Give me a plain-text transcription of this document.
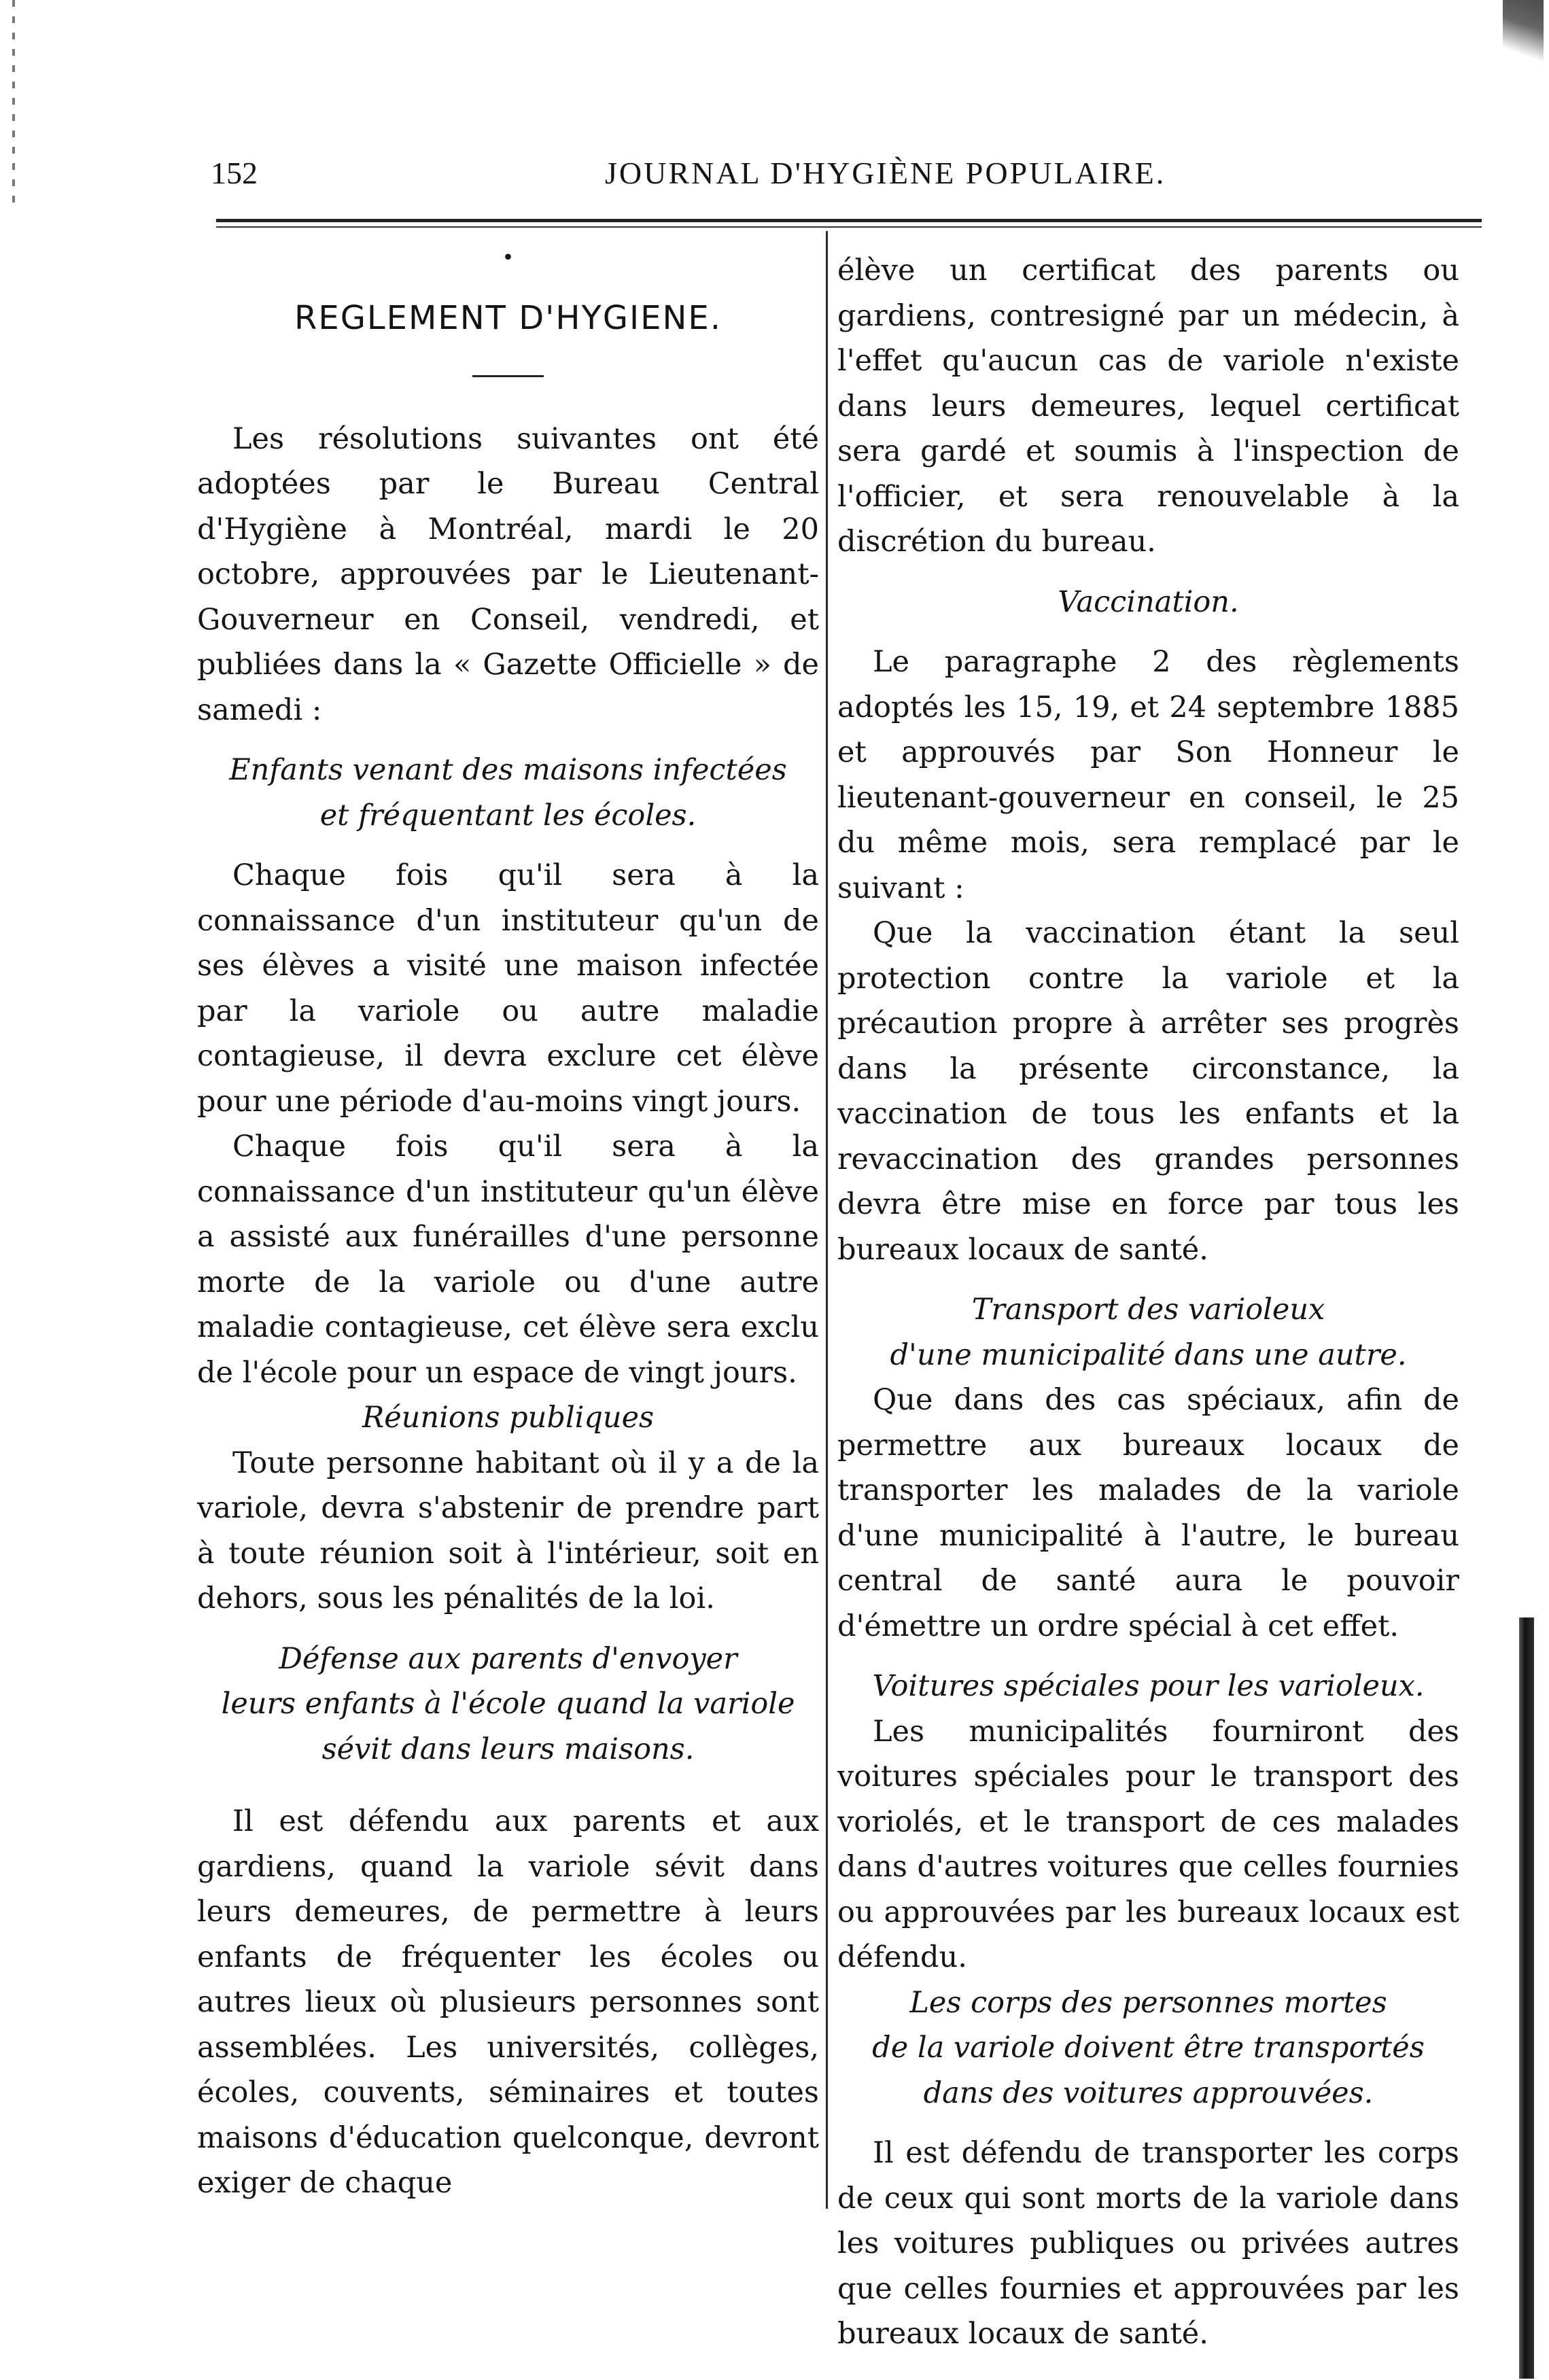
152	JOURNAL D'HYGIÈNE POPULAIRE.
•
REGLEMENT D'HYGIENE.

Les résolutions suivantes ont été adoptées par le Bureau Central d'Hygiène à Montréal, mardi le 20 octobre, approuvées par le Lieutenant-Gouverneur en Conseil, vendredi, et publiées dans la « Gazette Officielle » de samedi :

Enfants venant des maisons infectées
et fréquentant les écoles.

Chaque fois qu'il sera à la connaissance d'un instituteur qu'un de ses élèves a visité une maison infectée par la variole ou autre maladie contagieuse, il devra exclure cet élève pour une période d'au-moins vingt jours.

Chaque fois qu'il sera à la connaissance d'un instituteur qu'un élève a assisté aux funérailles d'une personne morte de la variole ou d'une autre maladie contagieuse, cet élève sera exclu de l'école pour un espace de vingt jours.

Réunions publiques

Toute personne habitant où il y a de la variole, devra s'abstenir de prendre part à toute réunion soit à l'intérieur, soit en dehors, sous les pénalités de la loi.

Défense aux parents d'envoyer
leurs enfants à l'école quand la variole
sévit dans leurs maisons.

Il est défendu aux parents et aux gardiens, quand la variole sévit dans leurs demeures, de permettre à leurs enfants de fréquenter les écoles ou autres lieux où plusieurs personnes sont assemblées. Les universités, collèges, écoles, couvents, séminaires et toutes maisons d'éducation quelconque, devront exiger de chaque

élève un certificat des parents ou gardiens, contresigné par un médecin, à l'effet qu'aucun cas de variole n'existe dans leurs demeures, lequel certificat sera gardé et soumis à l'inspection de l'officier, et sera renouvelable à la discrétion du bureau.

Vaccination.

Le paragraphe 2 des règlements adoptés les 15, 19, et 24 septembre 1885 et approuvés par Son Honneur le lieutenant-gouverneur en conseil, le 25 du même mois, sera remplacé par le suivant :

Que la vaccination étant la seul protection contre la variole et la précaution propre à arrêter ses progrès dans la présente circonstance, la vaccination de tous les enfants et la revaccination des grandes personnes devra être mise en force par tous les bureaux locaux de santé.

Transport des varioleux
d'une municipalité dans une autre.

Que dans des cas spéciaux, afin de permettre aux bureaux locaux de transporter les malades de la variole d'une municipalité à l'autre, le bureau central de santé aura le pouvoir d'émettre un ordre spécial à cet effet.

Voitures spéciales pour les varioleux.

Les municipalités fourniront des voitures spéciales pour le transport des voriolés, et le transport de ces malades dans d'autres voitures que celles fournies ou approuvées par les bureaux locaux est défendu.

Les corps des personnes mortes
de la variole doivent être transportés
dans des voitures approuvées.

Il est défendu de transporter les corps de ceux qui sont morts de la variole dans les voitures publiques ou privées autres que celles fournies et approuvées par les bureaux locaux de santé.
